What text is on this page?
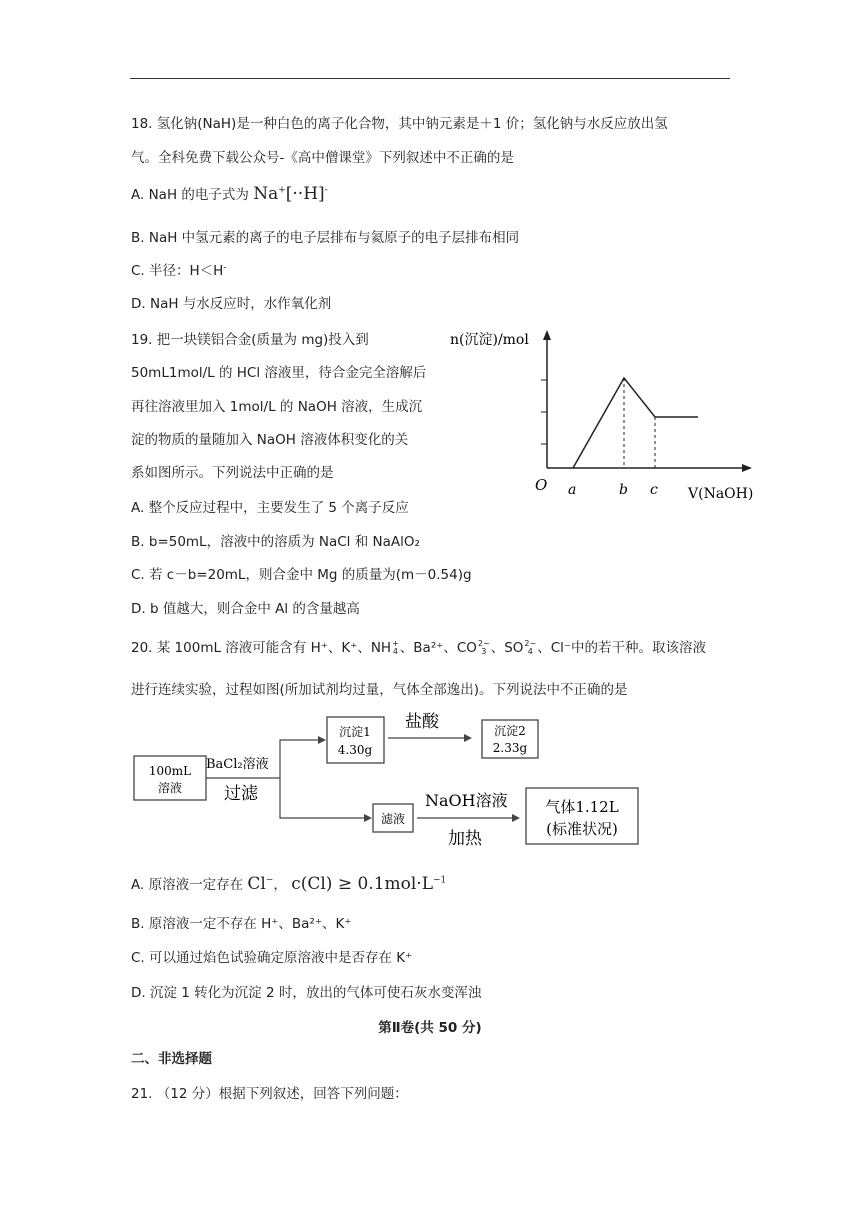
18. 氢化钠(NaH)是一种白色的离子化合物，其中钠元素是＋1 价；氢化钠与水反应放出氢
气。全科免费下载公众号-《高中僧课堂》下列叙述中不正确的是
A. NaH 的电子式为 Na+[··H]-
B. NaH 中氢元素的离子的电子层排布与氦原子的电子层排布相同
C. 半径：H＜H-
D. NaH 与水反应时，水作氧化剂
19. 把一块镁铝合金(质量为 mg)投入到
50mL1mol/L 的 HCl 溶液里，待合金完全溶解后
再往溶液里加入 1mol/L 的 NaOH 溶液，生成沉
淀的物质的量随加入 NaOH 溶液体积变化的关
系如图所示。下列说法中正确的是
A. 整个反应过程中，主要发生了 5 个离子反应
B. b=50mL，溶液中的溶质为 NaCl 和 NaAlO₂
C. 若 c－b=20mL，则合金中 Mg 的质量为(m－0.54)g
D. b 值越大，则合金中 Al 的含量越高
n(沉淀)/mol
O a	b c V(NaOH)
20. 某 100mL 溶液可能含有 H⁺、K⁺、NH +
4 、Ba²⁺、CO 2−
3 、SO 2−
4 、Cl⁻中的若干种。取该溶液
进行连续实验，过程如图(所加试剂均过量，气体全部逸出)。下列说法中不正确的是
100mL
溶液
BaCl₂溶液
过滤
沉淀1
4.30g
盐酸	沉淀2
2.33g
滤液
NaOH溶液
加热
气体1.12L
(标准状况)
A. 原溶液一定存在 Cl−， $c(Cl) \ge 0.1mol\cdot L^{-1}$
B. 原溶液一定不存在 H⁺、Ba²⁺、K⁺
C. 可以通过焰色试验确定原溶液中是否存在 K⁺
D. 沉淀 1 转化为沉淀 2 时，放出的气体可使石灰水变浑浊
第Ⅱ卷(共 50 分)
二、非选择题
21. （12 分）根据下列叙述，回答下列问题：
